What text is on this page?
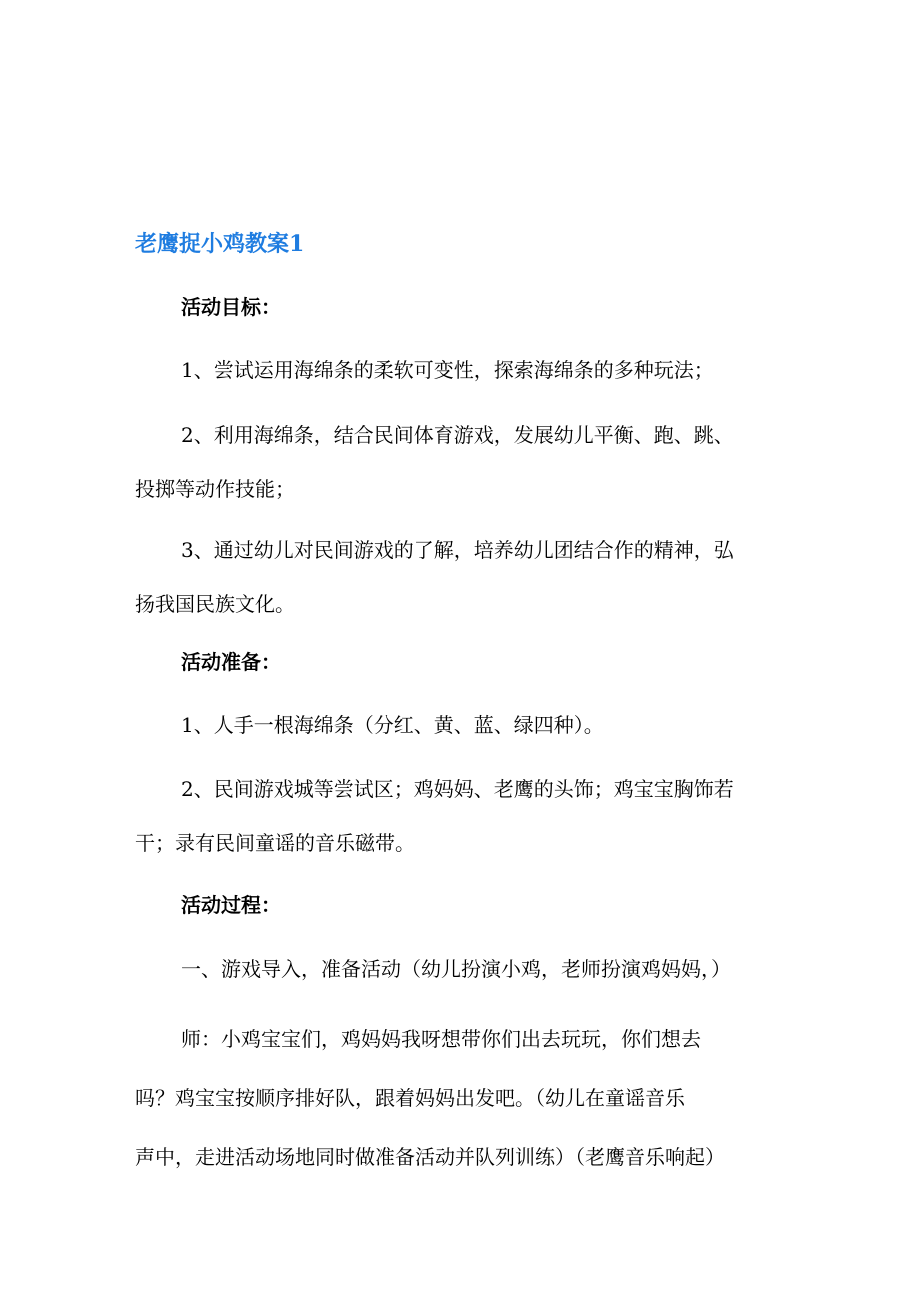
老鹰捉小鸡教案1
活动目标：
1、尝试运用海绵条的柔软可变性，探索海绵条的多种玩法；
2、利用海绵条，结合民间体育游戏，发展幼儿平衡、跑、跳、
投掷等动作技能；
3、通过幼儿对民间游戏的了解，培养幼儿团结合作的精神，弘
扬我国民族文化。
活动准备：
1、人手一根海绵条（分红、黄、蓝、绿四种）。
2、民间游戏城等尝试区；鸡妈妈、老鹰的头饰；鸡宝宝胸饰若
干；录有民间童谣的音乐磁带。
活动过程：
一、游戏导入，准备活动（幼儿扮演小鸡，老师扮演鸡妈妈，）
师：小鸡宝宝们，鸡妈妈我呀想带你们出去玩玩，你们想去
吗？鸡宝宝按顺序排好队，跟着妈妈出发吧。（幼儿在童谣音乐
声中，走进活动场地同时做准备活动并队列训练）（老鹰音乐响起）
